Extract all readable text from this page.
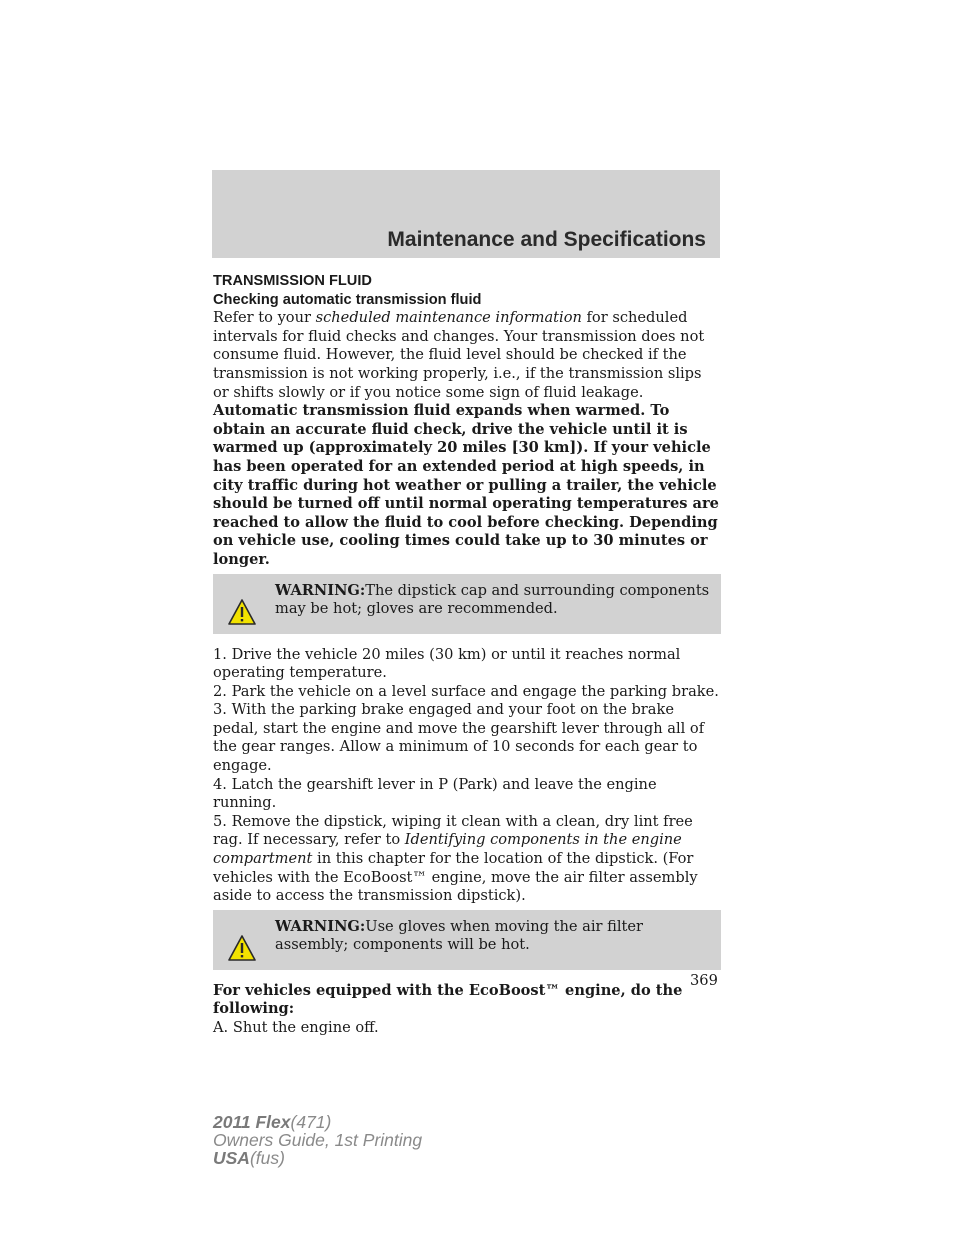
Maintenance and Specifications

TRANSMISSION FLUID

Checking automatic transmission fluid

Refer to your scheduled maintenance information for scheduled intervals for fluid checks and changes. Your transmission does not consume fluid. However, the fluid level should be checked if the transmission is not working properly, i.e., if the transmission slips or shifts slowly or if you notice some sign of fluid leakage.

Automatic transmission fluid expands when warmed. To obtain an accurate fluid check, drive the vehicle until it is warmed up (approximately 20 miles [30 km]). If your vehicle has been operated for an extended period at high speeds, in city traffic during hot weather or pulling a trailer, the vehicle should be turned off until normal operating temperatures are reached to allow the fluid to cool before checking. Depending on vehicle use, cooling times could take up to 30 minutes or longer.

WARNING:The dipstick cap and surrounding components may be hot; gloves are recommended.

1. Drive the vehicle 20 miles (30 km) or until it reaches normal operating temperature.

2. Park the vehicle on a level surface and engage the parking brake.

3. With the parking brake engaged and your foot on the brake pedal, start the engine and move the gearshift lever through all of the gear ranges. Allow a minimum of 10 seconds for each gear to engage.

4. Latch the gearshift lever in P (Park) and leave the engine running.

5. Remove the dipstick, wiping it clean with a clean, dry lint free rag. If necessary, refer to Identifying components in the engine compartment in this chapter for the location of the dipstick. (For vehicles with the EcoBoost™ engine, move the air filter assembly aside to access the transmission dipstick).

WARNING:Use gloves when moving the air filter assembly; components will be hot.

For vehicles equipped with the EcoBoost™ engine, do the following:

A. Shut the engine off.

369
2011 Flex(471)
Owners Guide, 1st Printing
USA(fus)
